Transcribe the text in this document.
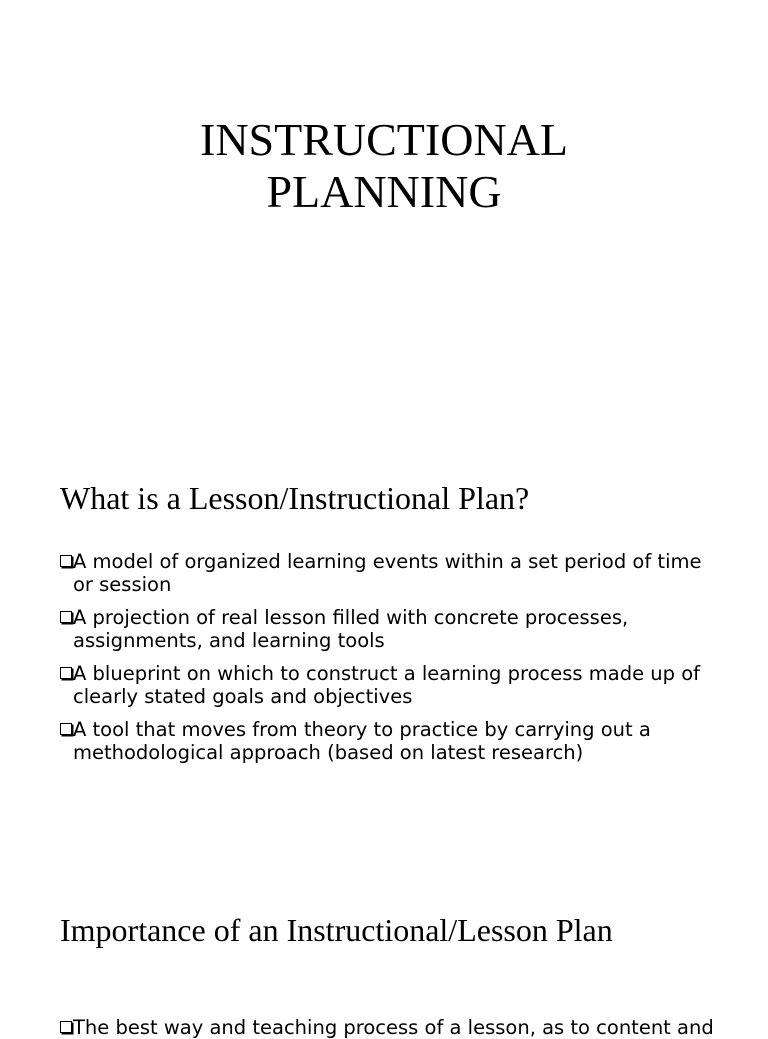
INSTRUCTIONAL
PLANNING
What is a Lesson/Instructional Plan?
A model of organized learning events within a set period of time or session
A projection of real lesson filled with concrete processes, assignments, and learning tools
A blueprint on which to construct a learning process made up of clearly stated goals and objectives
A tool that moves from theory to practice by carrying out a methodological approach (based on latest research)
Importance of an Instructional/Lesson Plan
The best way and teaching process of a lesson, as to content and
